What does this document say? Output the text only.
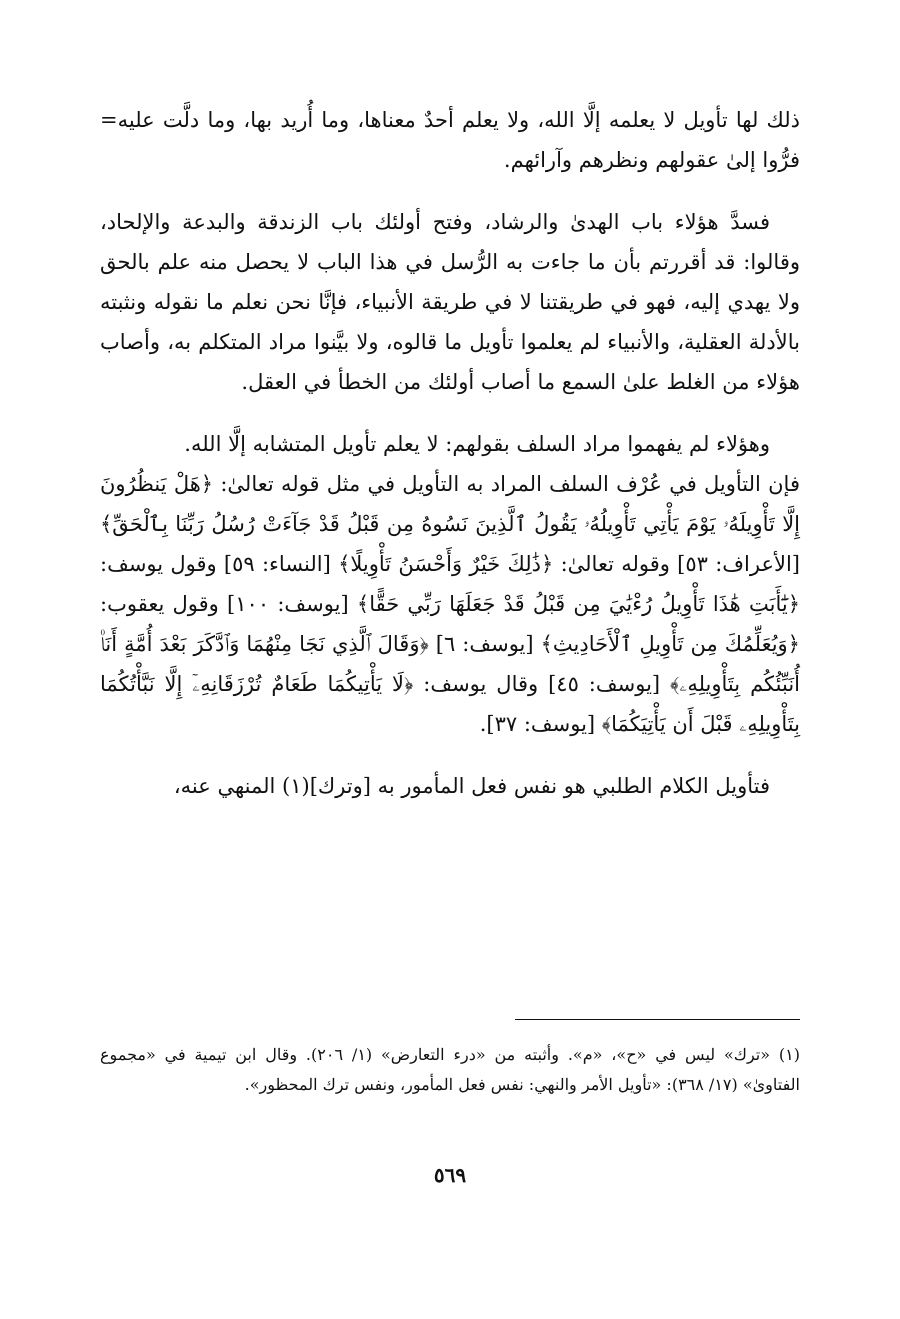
ذلك لها تأويل لا يعلمه إلَّا الله، ولا يعلم أحدٌ معناها، وما أُريد بها، وما دلَّت عليه= فرُّوا إلىٰ عقولهم ونظرهم وآرائهم.

فسدَّ هؤلاء باب الهدىٰ والرشاد، وفتح أولئك باب الزندقة والبدعة والإلحاد، وقالوا: قد أقررتم بأن ما جاءت به الرُّسل في هذا الباب لا يحصل منه علم بالحق ولا يهدي إليه، فهو في طريقتنا لا في طريقة الأنبياء، فإنَّا نحن نعلم ما نقوله ونثبته بالأدلة العقلية، والأنبياء لم يعلموا تأويل ما قالوه، ولا بيَّنوا مراد المتكلم به، وأصاب هؤلاء من الغلط علىٰ السمع ما أصاب أولئك من الخطأ في العقل.

وهؤلاء لم يفهموا مراد السلف بقولهم: لا يعلم تأويل المتشابه إلَّا الله.

فإن التأويل في عُرْف السلف المراد به التأويل في مثل قوله تعالىٰ: ﴿هَلْ يَنظُرُونَ إِلَّا تَأْوِيلَهُۥ يَوْمَ يَأْتِي تَأْوِيلُهُۥ يَقُولُ ٱلَّذِينَ نَسُوهُ مِن قَبْلُ قَدْ جَآءَتْ رُسُلُ رَبِّنَا بِٱلْحَقِّ﴾ [الأعراف: ٥٣] وقوله تعالىٰ: ﴿ذَٰلِكَ خَيْرٌ وَأَحْسَنُ تَأْوِيلًا﴾ [النساء: ٥٩] وقول يوسف: ﴿يَٰٓأَبَتِ هَٰذَا تَأْوِيلُ رُءْيَٰيَ مِن قَبْلُ قَدْ جَعَلَهَا رَبِّي حَقًّا﴾ [يوسف: ١٠٠] وقول يعقوب: ﴿وَيُعَلِّمُكَ مِن تَأْوِيلِ ٱلْأَحَادِيثِ﴾ [يوسف: ٦] ﴿وَقَالَ ٱلَّذِي نَجَا مِنْهُمَا وَٱدَّكَرَ بَعْدَ أُمَّةٍ أَنَا۠ أُنَبِّئُكُم بِتَأْوِيلِهِۦ﴾ [يوسف: ٤٥] وقال يوسف: ﴿لَا يَأْتِيكُمَا طَعَامٌ تُرْزَقَانِهِۦٓ إِلَّا نَبَّأْتُكُمَا بِتَأْوِيلِهِۦ قَبْلَ أَن يَأْتِيَكُمَا﴾ [يوسف: ٣٧].

فتأويل الكلام الطلبي هو نفس فعل المأمور به [وترك](١) المنهي عنه،

(١) «ترك» ليس في «ح»، «م». وأثبته من «درء التعارض» (١/ ٢٠٦). وقال ابن تيمية في «مجموع الفتاوىٰ» (١٧/ ٣٦٨): «تأويل الأمر والنهي: نفس فعل المأمور، ونفس ترك المحظور».

٥٦٩
